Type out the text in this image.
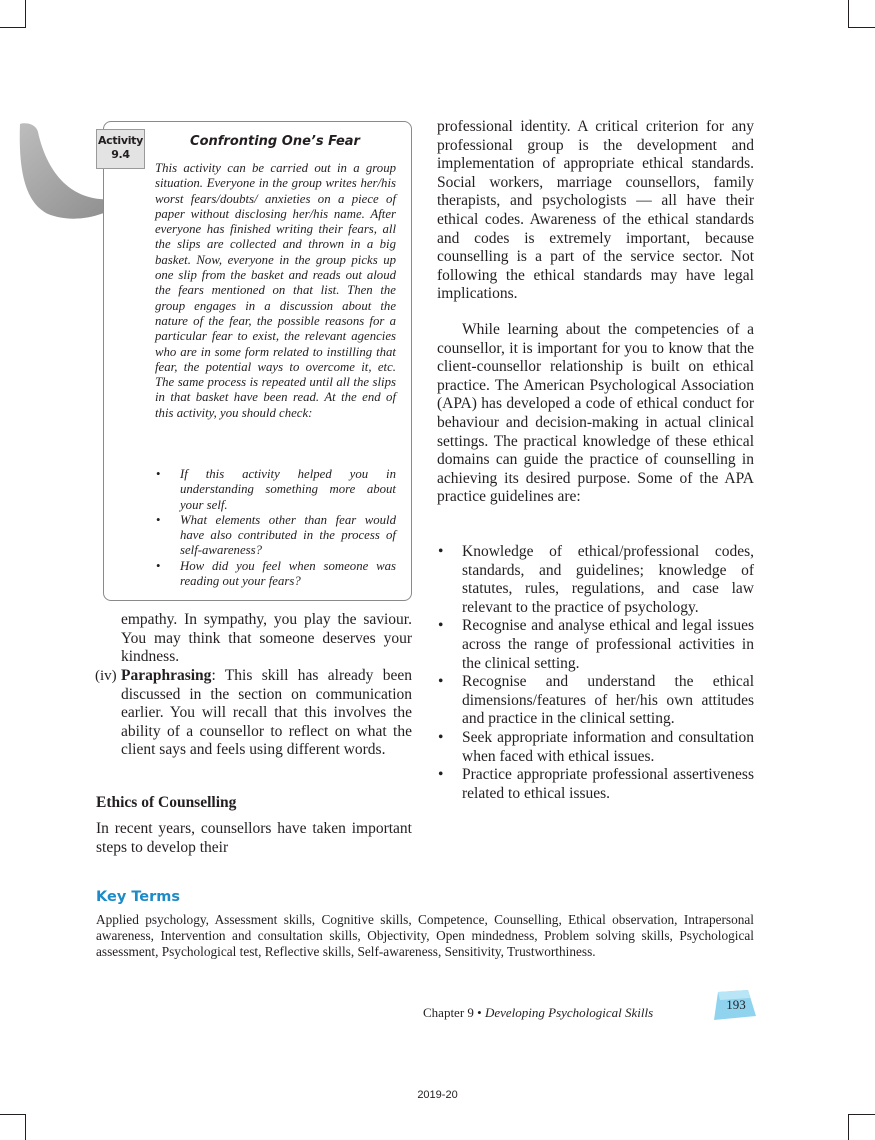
Activity 9.4
Confronting One’s Fear

This activity can be carried out in a group situation. Everyone in the group writes her/his worst fears/doubts/ anxieties on a piece of paper without disclosing her/his name. After everyone has finished writing their fears, all the slips are collected and thrown in a big basket. Now, everyone in the group picks up one slip from the basket and reads out aloud the fears mentioned on that list. Then the group engages in a discussion about the nature of the fear, the possible reasons for a particular fear to exist, the relevant agencies who are in some form related to instilling that fear, the potential ways to overcome it, etc. The same process is repeated until all the slips in that basket have been read. At the end of this activity, you should check:

• If this activity helped you in understanding something more about your self.
• What elements other than fear would have also contributed in the process of self-awareness?
• How did you feel when someone was reading out your fears?

empathy. In sympathy, you play the saviour. You may think that someone deserves your kindness.

(iv) Paraphrasing: This skill has already been discussed in the section on communication earlier. You will recall that this involves the ability of a counsellor to reflect on what the client says and feels using different words.

Ethics of Counselling

In recent years, counsellors have taken important steps to develop their

professional identity. A critical criterion for any professional group is the development and implementation of appropriate ethical standards. Social workers, marriage counsellors, family therapists, and psychologists — all have their ethical codes. Awareness of the ethical standards and codes is extremely important, because counselling is a part of the service sector. Not following the ethical standards may have legal implications.

While learning about the competencies of a counsellor, it is important for you to know that the client-counsellor relationship is built on ethical practice. The American Psychological Association (APA) has developed a code of ethical conduct for behaviour and decision-making in actual clinical settings. The practical knowledge of these ethical domains can guide the practice of counselling in achieving its desired purpose. Some of the APA practice guidelines are:

• Knowledge of ethical/professional codes, standards, and guidelines; knowledge of statutes, rules, regulations, and case law relevant to the practice of psychology.
• Recognise and analyse ethical and legal issues across the range of professional activities in the clinical setting.
• Recognise and understand the ethical dimensions/features of her/his own attitudes and practice in the clinical setting.
• Seek appropriate information and consultation when faced with ethical issues.
• Practice appropriate professional assertiveness related to ethical issues.
Key Terms

Applied psychology, Assessment skills, Cognitive skills, Competence, Counselling, Ethical observation, Intrapersonal awareness, Intervention and consultation skills, Objectivity, Open mindedness, Problem solving skills, Psychological assessment, Psychological test, Reflective skills, Self-awareness, Sensitivity, Trustworthiness.

Chapter 9 • Developing Psychological Skills
193
2019-20
